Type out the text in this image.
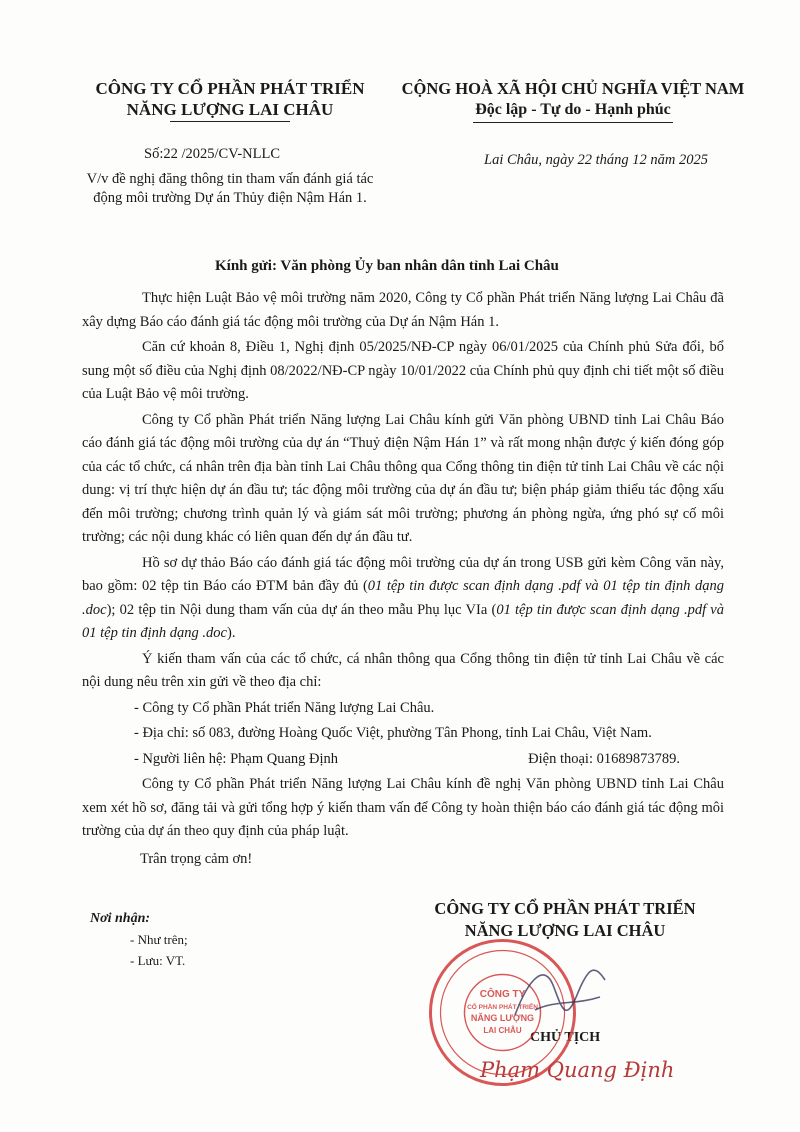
CÔNG TY CỔ PHẦN PHÁT TRIỂN
NĂNG LƯỢNG LAI CHÂU
CỘNG HOÀ XÃ HỘI CHỦ NGHĨA VIỆT NAM
Độc lập - Tự do - Hạnh phúc
Số:22 /2025/CV-NLLC
V/v đề nghị đăng thông tin tham vấn đánh giá tác động môi trường Dự án Thủy điện Nậm Hán 1.
Lai Châu, ngày 22 tháng 12 năm 2025
Kính gửi: Văn phòng Ủy ban nhân dân tỉnh Lai Châu

Thực hiện Luật Bảo vệ môi trường năm 2020, Công ty Cổ phần Phát triển Năng lượng Lai Châu đã xây dựng Báo cáo đánh giá tác động môi trường của Dự án Nậm Hán 1.

Căn cứ khoản 8, Điều 1, Nghị định 05/2025/NĐ-CP ngày 06/01/2025 của Chính phủ Sửa đổi, bổ sung một số điều của Nghị định 08/2022/NĐ-CP ngày 10/01/2022 của Chính phủ quy định chi tiết một số điều của Luật Bảo vệ môi trường.

Công ty Cổ phần Phát triển Năng lượng Lai Châu kính gửi Văn phòng UBND tỉnh Lai Châu Báo cáo đánh giá tác động môi trường của dự án “Thuỷ điện Nậm Hán 1” và rất mong nhận được ý kiến đóng góp của các tổ chức, cá nhân trên địa bàn tỉnh Lai Châu thông qua Cổng thông tin điện tử tỉnh Lai Châu về các nội dung: vị trí thực hiện dự án đầu tư; tác động môi trường của dự án đầu tư; biện pháp giảm thiểu tác động xấu đến môi trường; chương trình quản lý và giám sát môi trường; phương án phòng ngừa, ứng phó sự cố môi trường; các nội dung khác có liên quan đến dự án đầu tư.

Hồ sơ dự thảo Báo cáo đánh giá tác động môi trường của dự án trong USB gửi kèm Công văn này, bao gồm: 02 tệp tin Báo cáo ĐTM bản đầy đủ (01 tệp tin được scan định dạng .pdf và 01 tệp tin định dạng .doc); 02 tệp tin Nội dung tham vấn của dự án theo mẫu Phụ lục VIa (01 tệp tin được scan định dạng .pdf và 01 tệp tin định dạng .doc).

Ý kiến tham vấn của các tổ chức, cá nhân thông qua Cổng thông tin điện tử tỉnh Lai Châu về các nội dung nêu trên xin gửi về theo địa chỉ:

- Công ty Cổ phần Phát triển Năng lượng Lai Châu.
- Địa chỉ: số 083, đường Hoàng Quốc Việt, phường Tân Phong, tỉnh Lai Châu, Việt Nam.
- Người liên hệ: Phạm Quang Định	Điện thoại: 01689873789.

Công ty Cổ phần Phát triển Năng lượng Lai Châu kính đề nghị Văn phòng UBND tỉnh Lai Châu xem xét hồ sơ, đăng tải và gửi tổng hợp ý kiến tham vấn để Công ty hoàn thiện báo cáo đánh giá tác động môi trường của dự án theo quy định của pháp luật.

Trân trọng cảm ơn!

Nơi nhận:
- Như trên;
- Lưu: VT.
CÔNG TY CỔ PHẦN PHÁT TRIỂN
NĂNG LƯỢNG LAI CHÂU
CHỦ TỊCH
Phạm Quang Định
CÔNG TY
CỔ PHẦN PHÁT TRIỂN
NĂNG LƯỢNG
LAI CHÂU
